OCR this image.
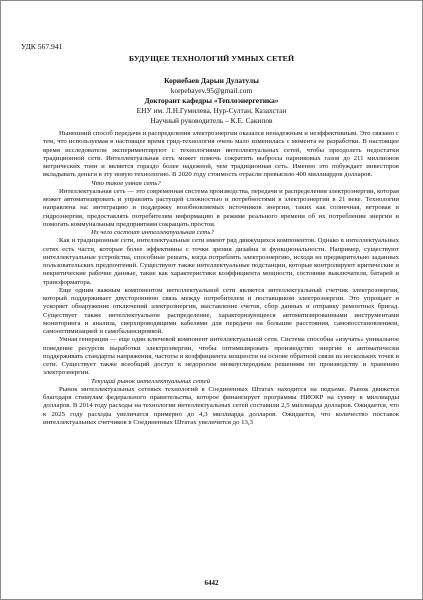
УДК 567.941
БУДУЩЕЕ ТЕХНОЛОГИЙ УМНЫХ СЕТЕЙ
Корнебаев Дарын Дулатулы
korpebayev.95@gmail.com
Докторант кафедры «Теплоэнергетика»
ЕНУ им. Л.Н.Гумилева, Нур-Султан, Казахстан
Научный руководитель – К.Е. Сакипов

Нынешний способ передачи и распределения электроэнергии оказался ненадежным и неэффективным. Это связано с тем, что используемая в настоящее время грид-технология очень мало изменилась с момента ее разработки. В настоящее время исследователи экспериментируют с технологиями интеллектуальных сетей, чтобы преодолеть недостатки традиционной сети. Интеллектуальная сеть может помочь сократить выбросы парниковых газов до 211 миллионов метрических тонн и является гораздо более надежной, чем традиционная сеть. Именно это побуждает инвесторов вкладывать деньги в эту новую технологию. В 2020 году стоимость отрасли превысило 400 миллиардов долларов.

Что такое умная сеть?

Интеллектуальная сеть — это современная система производства, передачи и распределения электроэнергии, которая может автоматизировать и управлять растущей сложностью и потребностями в электроэнергии в 21 веке. Технологии направлена на: интеграцию и поддержку возобновляемых источников энергии, таких как солнечная, ветровая и гидроэнергия, предоставлять потребителям информацию в режиме реального времени об их потреблении энергии и помогать коммунальным предприятиям сокращать простои.

Из чего состоит интеллектуальная сеть?

Как и традиционные сети, интеллектуальные сети имеют ряд движущихся компонентов. Однако в интеллектуальных сетях есть части, которые более эффективны с точки зрения дизайна и функциональности. Например, существуют интеллектуальные устройства, способные решать, когда потреблять электроэнергию, исходя из предварительно заданных пользовательских предпочтений. Существуют также интеллектуальные подстанции, которые контролируют критические и некритические рабочие данные, такие как характеристики коэффициента мощности, состояние выключателя, батарей и трансформатора.

Еще одним важным компонентом интеллектуальной сети является интеллектуальный счетчик электроэнергии, который поддерживает двустороннюю связь между потребителем и поставщиком электроэнергии. Это упрощает и ускоряет обнаружение отключений электроэнергии, выставление счетов, сбор данных и отправку ремонтных бригад. Существует также интеллектуальное распределение, характеризующееся автоматизированными инструментами мониторинга и анализа, сверхпроводящими кабелями для передачи на большие расстояния, самовосстановлением, самооптимизацией и самобалансировкой.

Умная генерация — еще один ключевой компонент интеллектуальной сети. Система способна «изучать» уникальное поведение ресурсов выработки электроэнергии, чтобы оптимизировать производство энергии и автоматически поддерживать стандарты напряжения, частоты и коэффициента мощности на основе обратной связи из нескольких точек в сети. Существует также всеобщий доступ к недорогим низкоуглеродным решениям по производству и хранению электроэнергии.

Текущий рынок интеллектуальных сетей

Рынок интеллектуальных сетевых технологий в Соединенных Штатах находится на подъеме. Рынок движется благодаря стимулам федерального правительства, которое финансирует программы НИОКР на сумму в миллиарды долларов. В 2014 году расходы на технологии интеллектуальных сетей составили 2,5 миллиарда долларов. Ожидается, что к 2025 году расходы увеличатся примерно до 4,3 миллиарда долларов. Ожидается, что количество поставок интеллектуальных счетчиков в Соединенных Штатах увеличится до 13,3

6442
